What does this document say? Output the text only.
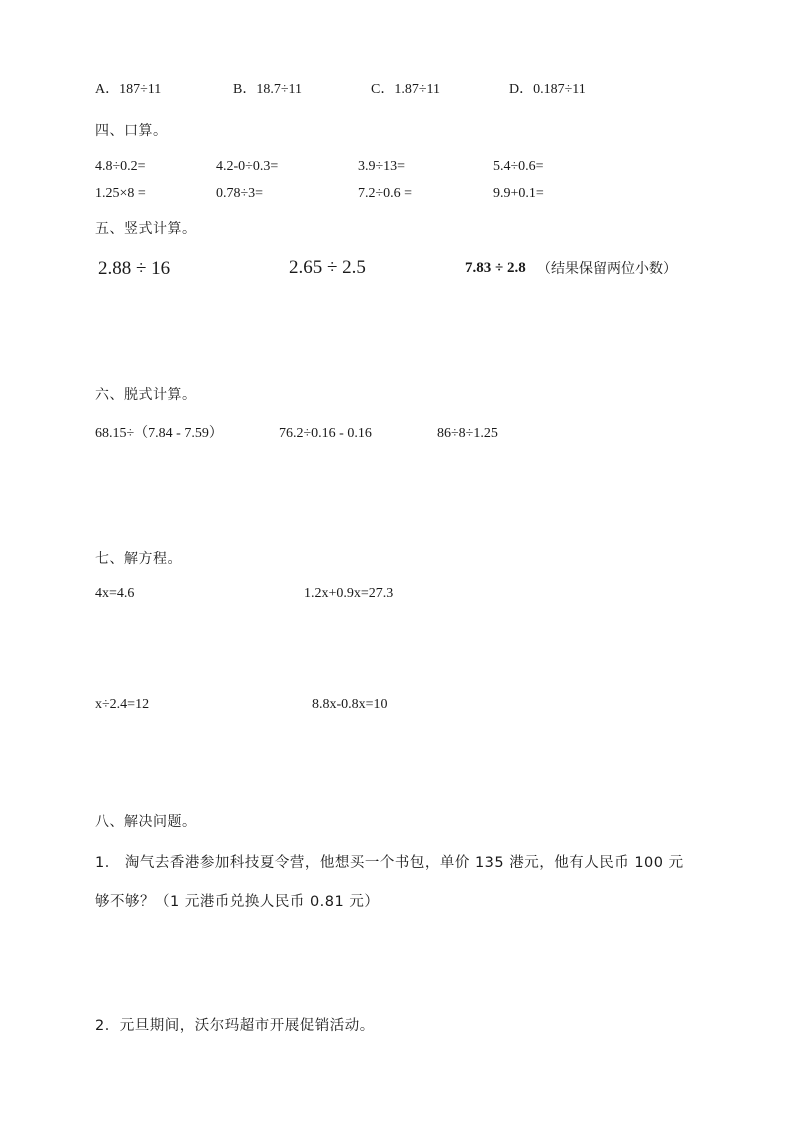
A．187÷11	B．18.7÷11	C．1.87÷11	D．0.187÷11
四、口算。
4.8÷0.2=	4.2-0÷0.3=	3.9÷13=	5.4÷0.6=
1.25×8 =	0.78÷3=	7.2÷0.6 =	9.9+0.1=
五、竖式计算。
2.88 ÷ 16	2.65 ÷ 2.5	7.83 ÷ 2.8 （结果保留两位小数）
六、脱式计算。
68.15÷（7.84 - 7.59）	76.2÷0.16 - 0.16	86÷8÷1.25
七、解方程。
4x=4.6	1.2x+0.9x=27.3
x÷2.4=12	8.8x-0.8x=10
八、解决问题。
1． 淘气去香港参加科技夏令营，他想买一个书包，单价 135 港元，他有人民币 100 元
够不够？（1 元港币兑换人民币 0.81 元）
2．元旦期间，沃尔玛超市开展促销活动。
